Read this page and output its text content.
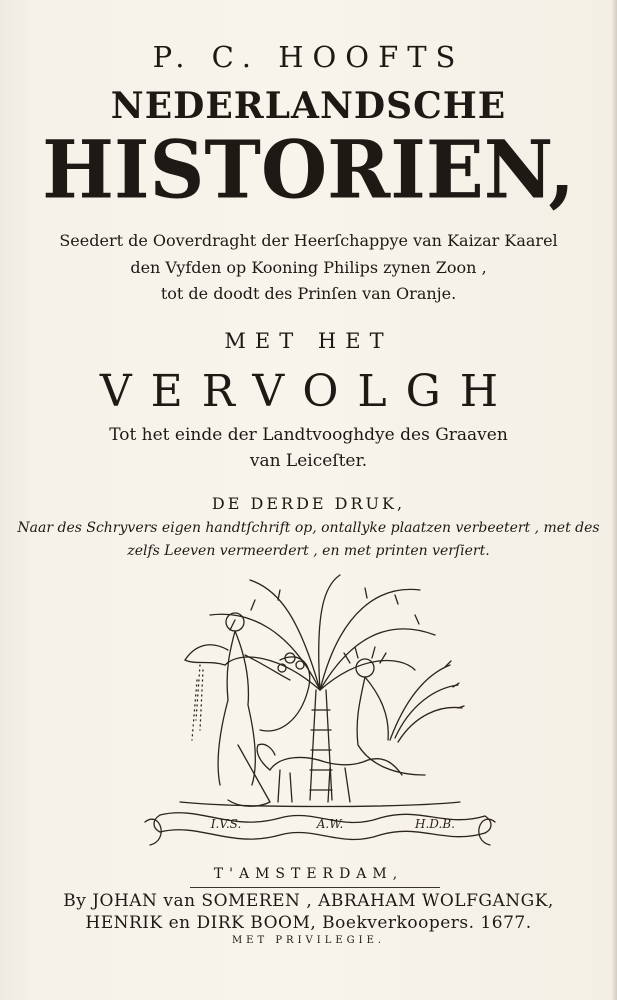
P. C. HOOFTS
NEDERLANDSCHE
HISTORIEN,
Seedert de Ooverdraght der Heerſchappye van Kaizar Kaarel
den Vyfden op Kooning Philips zynen Zoon ,
tot de doodt des Prinſen van Oranje.
MET HET
VERVOLGH
Tot het einde der Landtvooghdye des Graaven
van Leiceſter.
DE DERDE DRUK,
Naar des Schryvers eigen handtſchrift op, ontallyke plaatzen verbeetert , met des
zelfs Leeven vermeerdert , en met printen verſiert.
I.V.S.	A.W.	H.D.B.
T'AMSTERDAM,
By JOHAN van SOMEREN , ABRAHAM WOLFGANGK,
HENRIK en DIRK BOOM, Boekverkoopers. 1677.
MET PRIVILEGIE.
